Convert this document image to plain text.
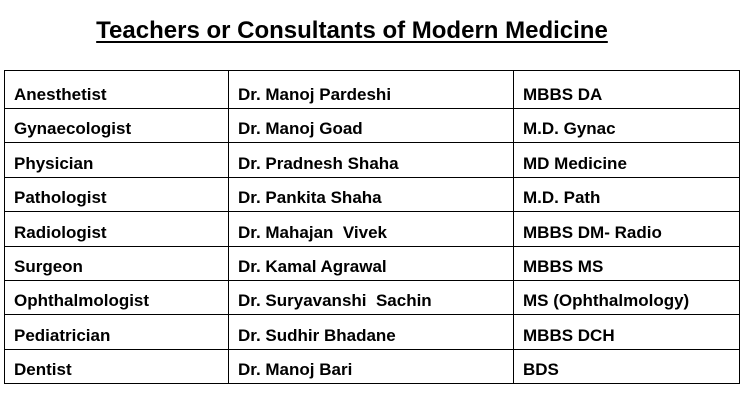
Teachers or Consultants of Modern Medicine
Anesthetist	Dr. Manoj Pardeshi	MBBS DA
Gynaecologist	Dr. Manoj Goad	M.D. Gynac
Physician	Dr. Pradnesh Shaha	MD Medicine
Pathologist	Dr. Pankita Shaha	M.D. Path
Radiologist	Dr. Mahajan  Vivek	MBBS DM- Radio
Surgeon	Dr. Kamal Agrawal	MBBS MS
Ophthalmologist	Dr. Suryavanshi  Sachin	MS (Ophthalmology)
Pediatrician	Dr. Sudhir Bhadane	MBBS DCH
Dentist	Dr. Manoj Bari	BDS
